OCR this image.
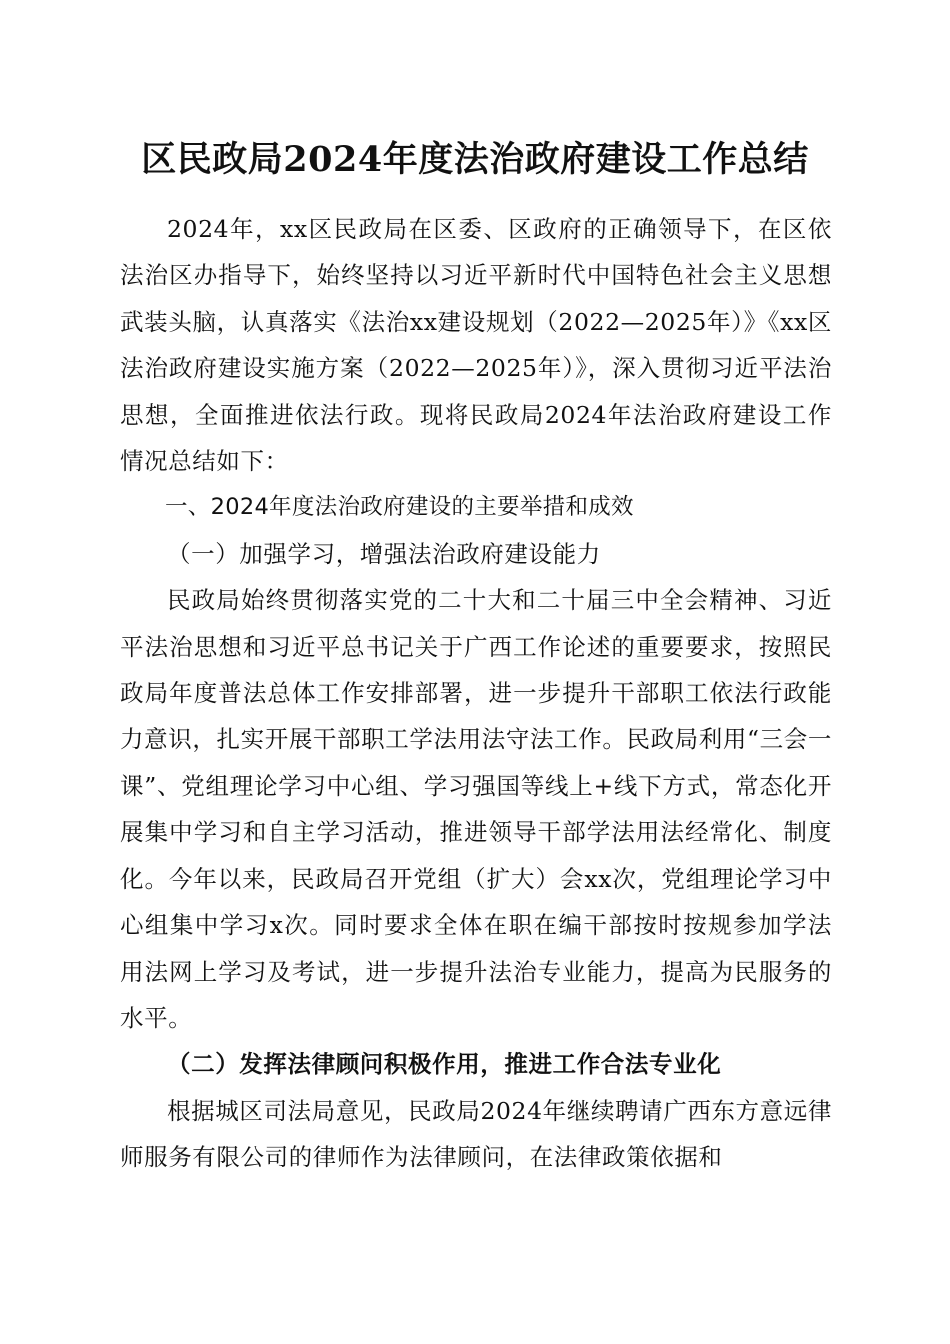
区民政局2024年度法治政府建设工作总结

2024年，xx区民政局在区委、区政府的正确领导下，在区依法治区办指导下，始终坚持以习近平新时代中国特色社会主义思想武装头脑，认真落实《法治xx建设规划（2022—2025年）》《xx区法治政府建设实施方案（2022—2025年）》，深入贯彻习近平法治思想，全面推进依法行政。现将民政局2024年法治政府建设工作情况总结如下：

一、2024年度法治政府建设的主要举措和成效

（一）加强学习，增强法治政府建设能力

民政局始终贯彻落实党的二十大和二十届三中全会精神、习近平法治思想和习近平总书记关于广西工作论述的重要要求，按照民政局年度普法总体工作安排部署，进一步提升干部职工依法行政能力意识，扎实开展干部职工学法用法守法工作。民政局利用“三会一课”、党组理论学习中心组、学习强国等线上+线下方式，常态化开展集中学习和自主学习活动，推进领导干部学法用法经常化、制度化。今年以来，民政局召开党组（扩大）会xx次，党组理论学习中心组集中学习x次。同时要求全体在职在编干部按时按规参加学法用法网上学习及考试，进一步提升法治专业能力，提高为民服务的水平。

（二）发挥法律顾问积极作用，推进工作合法专业化

根据城区司法局意见，民政局2024年继续聘请广西东方意远律师服务有限公司的律师作为法律顾问，在法律政策依据和
